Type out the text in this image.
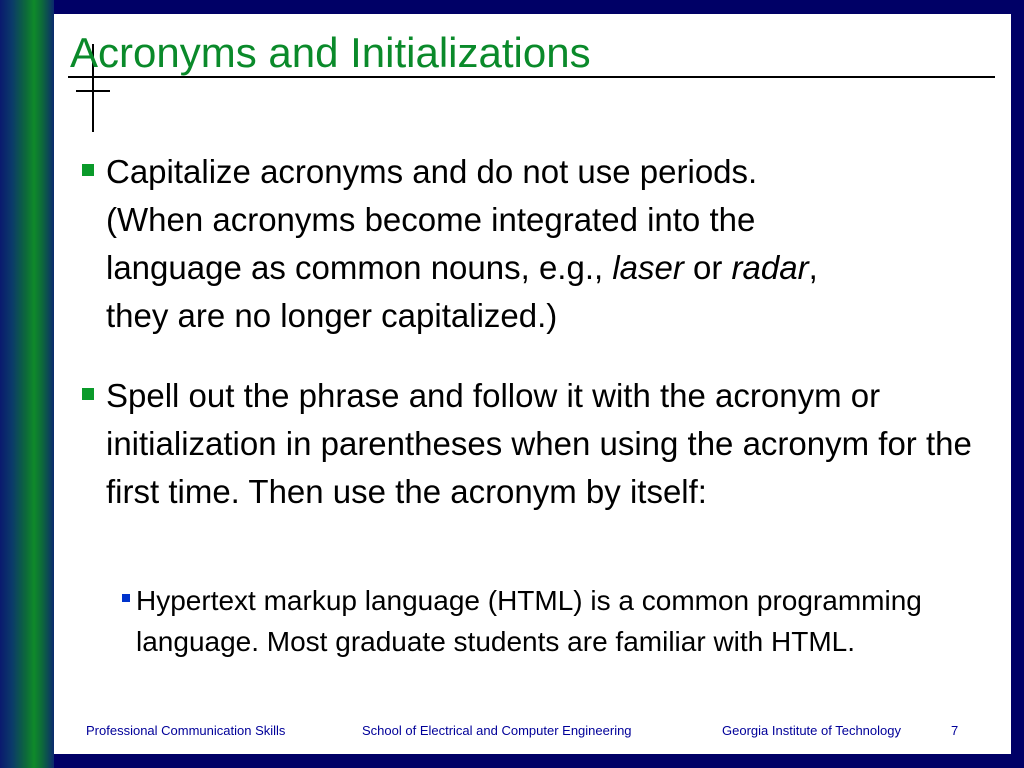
Acronyms and Initializations
Capitalize acronyms and do not use periods.
(When acronyms become integrated into the
language as common nouns, e.g., laser or radar,
they are no longer capitalized.)
Spell out the phrase and follow it with the acronym or initialization in parentheses when using the acronym for the first time. Then use the acronym by itself:
Hypertext markup language (HTML) is a common programming language. Most graduate students are familiar with HTML.
Professional Communication Skills	School of Electrical and Computer Engineering	Georgia Institute of Technology	7
